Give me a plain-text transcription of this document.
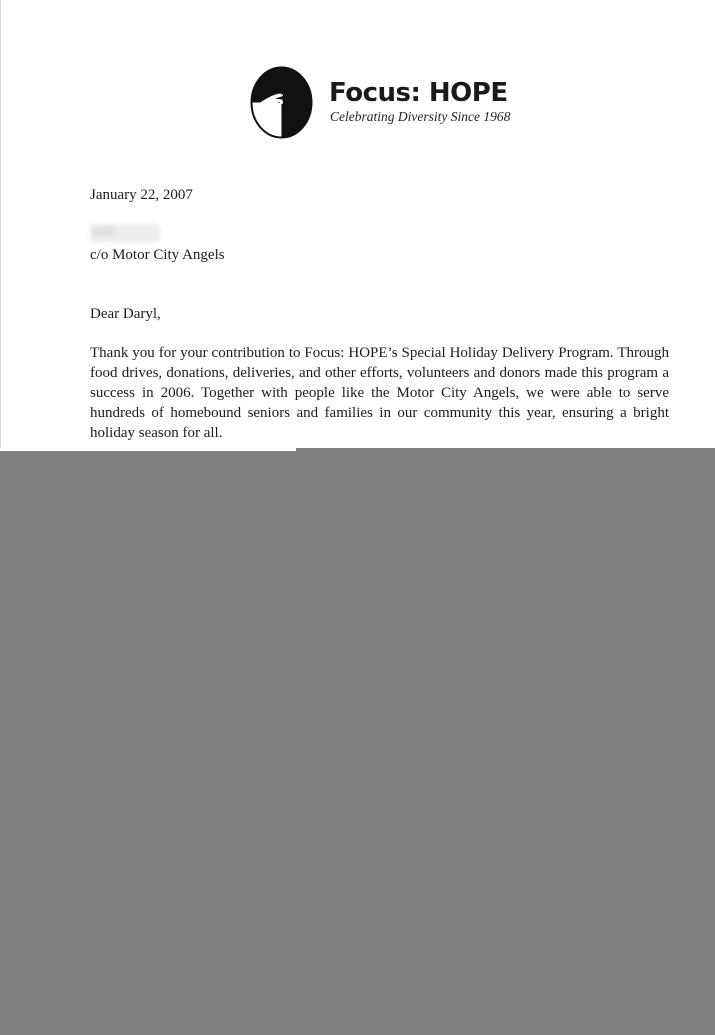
Focus: HOPE
Celebrating Diversity Since 1968
January 22, 2007
Hill
c/o Motor City Angels
Dear Daryl,
Thank you for your contribution to Focus: HOPE’s Special Holiday Delivery Program. Through food drives, donations, deliveries, and other efforts, volunteers and donors made this program a success in 2006. Together with people like the Motor City Angels, we were able to serve hundreds of homebound seniors and families in our community this year, ensuring a bright holiday season for all.
